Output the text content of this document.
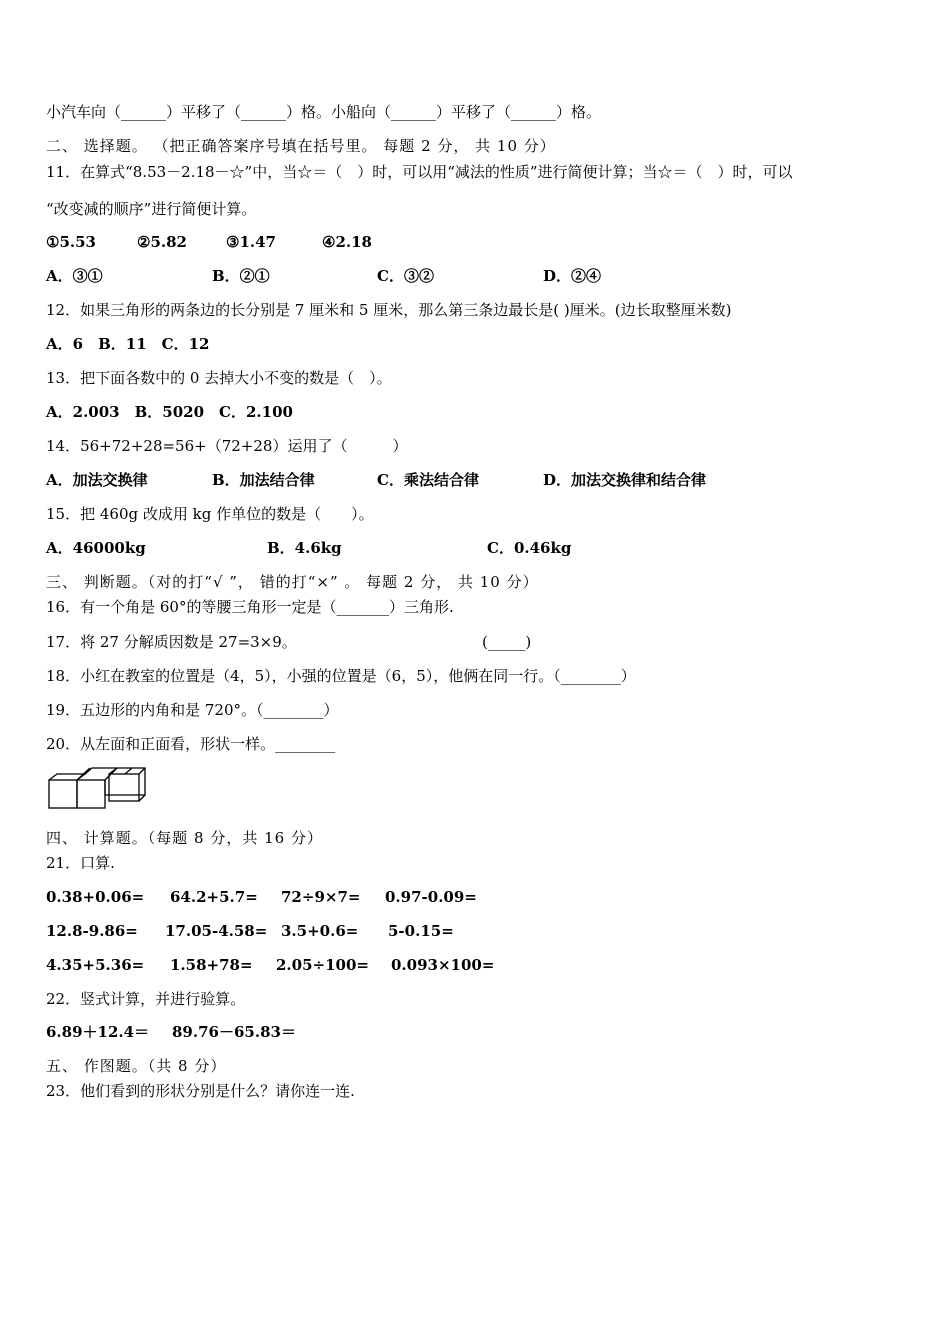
小汽车向（______）平移了（______）格。小船向（______）平移了（______）格。
二、 选择题。 （把正确答案序号填在括号里。 每题 2 分， 共 10 分）
11．在算式“8.53－2.18－☆”中，当☆＝（　）时，可以用“减法的性质”进行简便计算；当☆＝（　）时，可以
“改变减的顺序”进行简便计算。
①5.53	②5.82	③1.47	④2.18
A．③①	B．②①	C．③②	D．②④
12．如果三角形的两条边的长分别是 7 厘米和 5 厘米，那么第三条边最长是( )厘米。(边长取整厘米数)
A．6　B．11　C．12
13．把下面各数中的 0 去掉大小不变的数是（　）。
A．2.003　B．5020　C．2.100
14．56+72+28=56+（72+28）运用了（　　　）
A．加法交换律	B．加法结合律	C．乘法结合律	D．加法交换律和结合律
15．把 460g 改成用 kg 作单位的数是（　　）。
A．46000kg	B．4.6kg	C．0.46kg
三、 判断题。（对的打“√ ”， 错的打“×” 。 每题 2 分， 共 10 分）
16．有一个角是 60°的等腰三角形一定是（_______）三角形.
17．将 27 分解质因数是 27=3×9。	(_____)
18．小红在教室的位置是（4，5），小强的位置是（6，5），他俩在同一行。（________）
19．五边形的内角和是 720°。（________）
20．从左面和正面看，形状一样。________
四、 计算题。（每题 8 分，共 16 分）
21．口算.
0.38+0.06= 64.2+5.7= 72÷9×7= 0.97-0.09=
12.8-9.86= 17.05-4.58= 3.5+0.6= 5-0.15=
4.35+5.36= 1.58+78= 2.05÷100= 0.093×100=
22．竖式计算，并进行验算。
6.89＋12.4＝ 89.76－65.83＝
五、 作图题。（共 8 分）
23．他们看到的形状分别是什么？请你连一连.
